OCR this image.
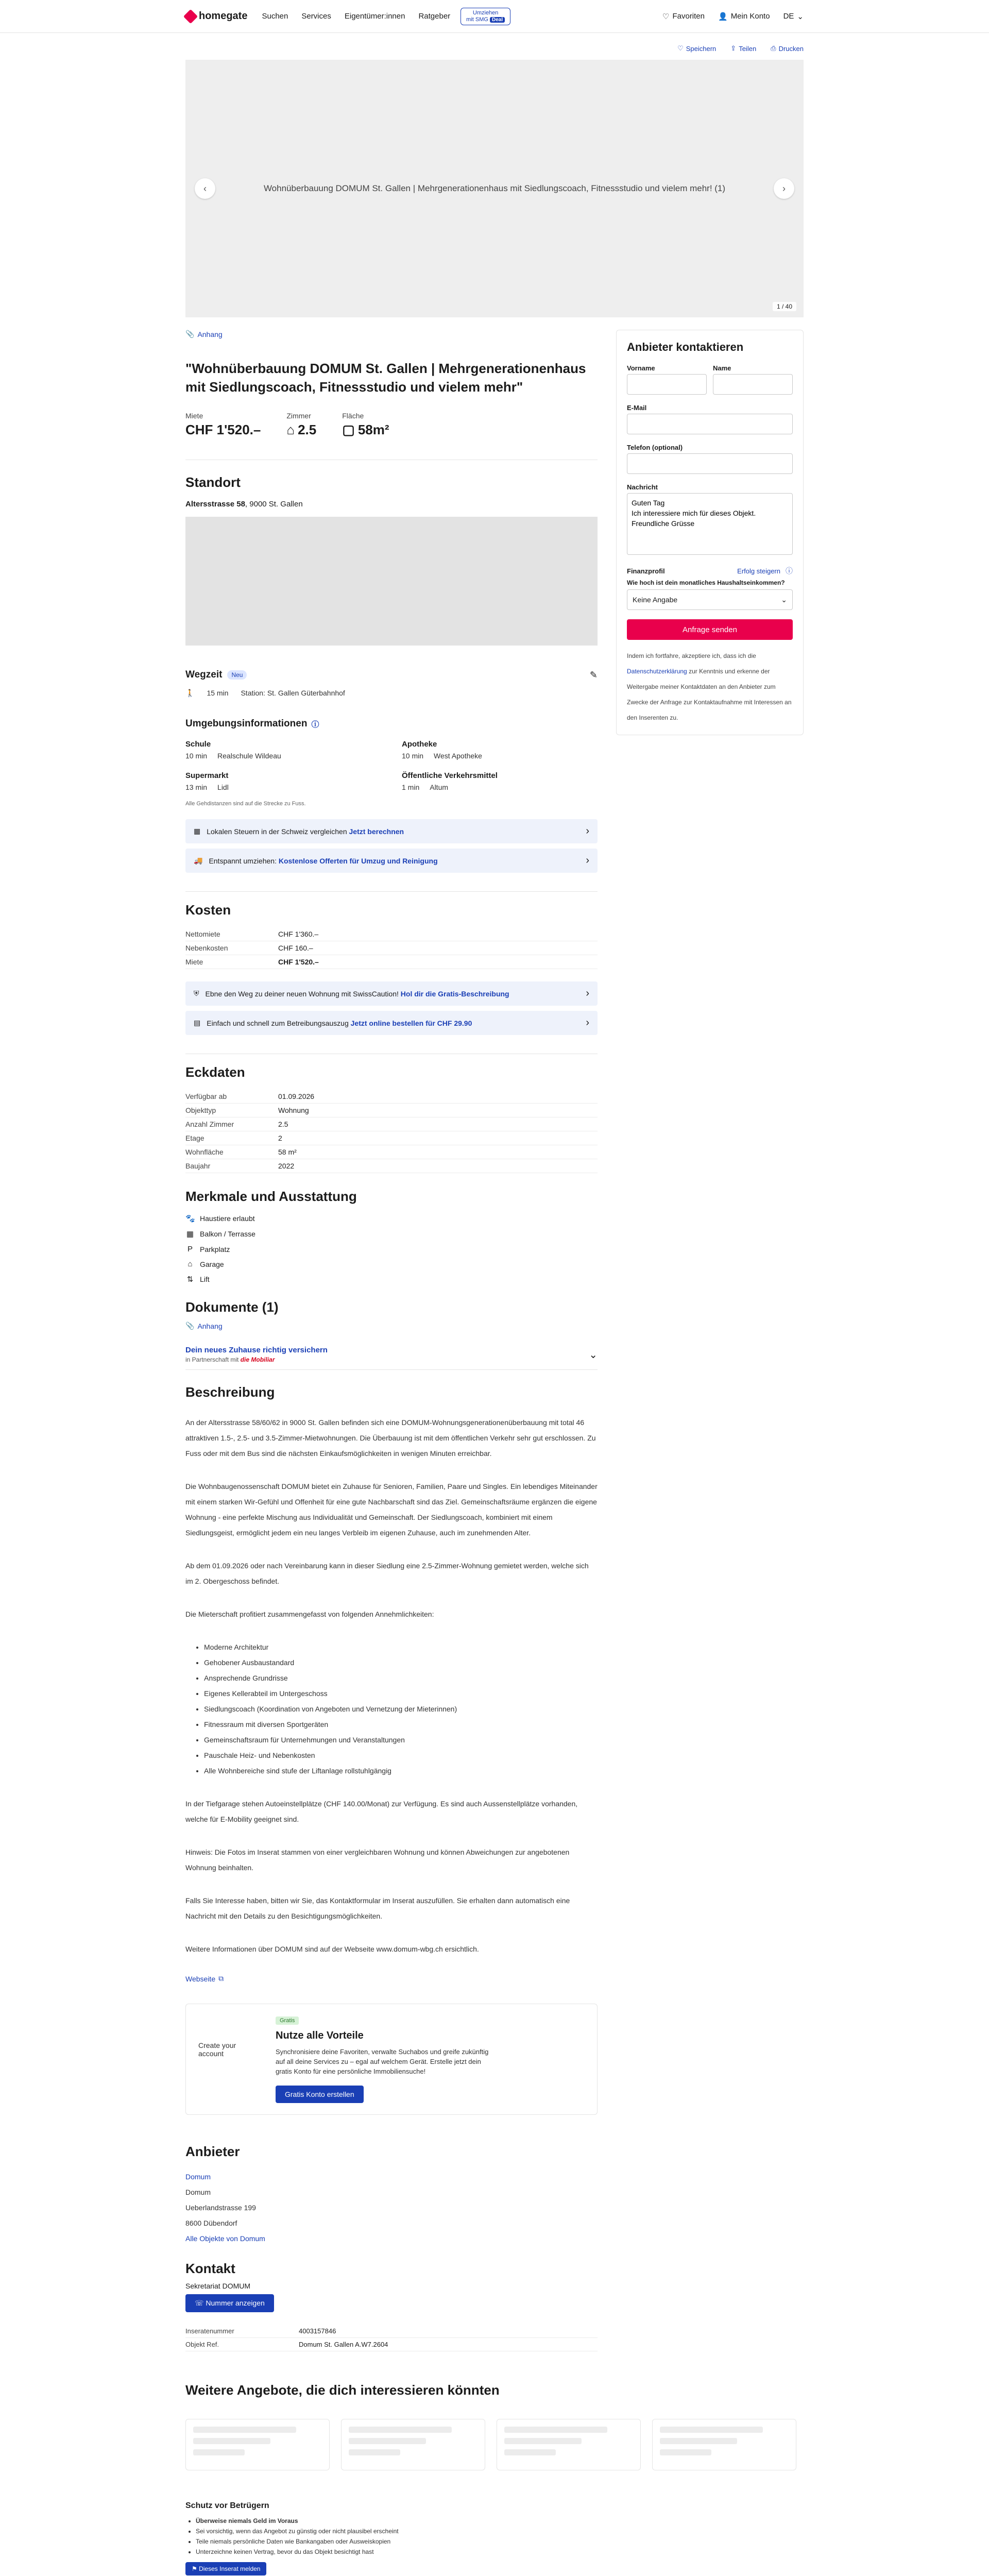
homegate Suchen Services Eigentümer:innen Ratgeber	Umziehen
mit SMG Deal	♡ Favoriten 👤 Mein Konto DE ⌄
♡ Speichern ⇪ Teilen ⎙ Drucken
‹	Wohnüberbauung DOMUM St. Gallen | Mehrgenerationenhaus mit Siedlungscoach, Fitnessstudio und vielem mehr! (1)	›
1 / 40
📎 Anhang
"Wohnüberbauung DOMUM St. Gallen | Mehrgenerationenhaus mit Siedlungscoach, Fitnessstudio und vielem mehr"
Miete
CHF 1'520.–
Zimmer
⌂ 2.5
Fläche
▢ 58m²
Standort
Altersstrasse 58, 9000 St. Gallen
Wegzeit	Neu	✎
🚶 15 min Station: St. Gallen Güterbahnhof
Umgebungsinformationen ⓘ
Schule
10 min Realschule Wildeau
Apotheke
10 min West Apotheke
Supermarkt
13 min Lidl
Öffentliche Verkehrsmittel
1 min Altum
Alle Gehdistanzen sind auf die Strecke zu Fuss.
▦ Lokalen Steuern in der Schweiz vergleichen Jetzt berechnen	›
🚚 Entspannt umziehen: Kostenlose Offerten für Umzug und Reinigung	›
Kosten
Nettomiete	CHF 1'360.–
Nebenkosten	CHF 160.–
Miete	CHF 1'520.–
⛨ Ebne den Weg zu deiner neuen Wohnung mit SwissCaution! Hol dir die Gratis-Beschreibung	›
▤ Einfach und schnell zum Betreibungsauszug Jetzt online bestellen für CHF 29.90	›
Eckdaten
Verfügbar ab	01.09.2026
Objekttyp	Wohnung
Anzahl Zimmer	2.5
Etage	2
Wohnfläche	58 m²
Baujahr	2022
Merkmale und Ausstattung
🐾 Haustiere erlaubt
▦ Balkon / Terrasse
P Parkplatz
⌂	Garage
⇅ Lift
Dokumente (1)
📎 Anhang
Dein neues Zuhause richtig versichern
in Partnerschaft mit die Mobiliar	⌄
Beschreibung

An der Altersstrasse 58/60/62 in 9000 St. Gallen befinden sich eine DOMUM-Wohnungsgenerationenüberbauung mit total 46 attraktiven 1.5-, 2.5- und 3.5-Zimmer-Mietwohnungen. Die Überbauung ist mit dem öffentlichen Verkehr sehr gut erschlossen. Zu Fuss oder mit dem Bus sind die nächsten Einkaufsmöglichkeiten in wenigen Minuten erreichbar.

Die Wohnbaugenossenschaft DOMUM bietet ein Zuhause für Senioren, Familien, Paare und Singles. Ein lebendiges Miteinander mit einem starken Wir-Gefühl und Offenheit für eine gute Nachbarschaft sind das Ziel. Gemeinschaftsräume ergänzen die eigene Wohnung - eine perfekte Mischung aus Individualität und Gemeinschaft. Der Siedlungscoach, kombiniert mit einem Siedlungsgeist, ermöglicht jedem ein neu langes Verbleib im eigenen Zuhause, auch im zunehmenden Alter.

Ab dem 01.09.2026 oder nach Vereinbarung kann in dieser Siedlung eine 2.5-Zimmer-Wohnung gemietet werden, welche sich im 2. Obergeschoss befindet.

Die Mieterschaft profitiert zusammengefasst von folgenden Annehmlichkeiten:

• Moderne Architektur
• Gehobener Ausbaustandard
• Ansprechende Grundrisse
• Eigenes Kellerabteil im Untergeschoss
• Siedlungscoach (Koordination von Angeboten und Vernetzung der Mieterinnen)
• Fitnessraum mit diversen Sportgeräten
• Gemeinschaftsraum für Unternehmungen und Veranstaltungen
• Pauschale Heiz- und Nebenkosten
• Alle Wohnbereiche sind stufe der Liftanlage rollstuhlgängig

In der Tiefgarage stehen Autoeinstellplätze (CHF 140.00/Monat) zur Verfügung. Es sind auch Aussenstellplätze vorhanden, welche für E-Mobility geeignet sind.

Hinweis: Die Fotos im Inserat stammen von einer vergleichbaren Wohnung und können Abweichungen zur angebotenen Wohnung beinhalten.

Falls Sie Interesse haben, bitten wir Sie, das Kontaktformular im Inserat auszufüllen. Sie erhalten dann automatisch eine Nachricht mit den Details zu den Besichtigungsmöglichkeiten.

Weitere Informationen über DOMUM sind auf der Webseite www.domum-wbg.ch ersichtlich.

Webseite ⧉
Create your account
Gratis
Nutze alle Vorteile
Synchronisiere deine Favoriten, verwalte Suchabos und greife zukünftig auf all deine Services zu – egal auf welchem Gerät. Erstelle jetzt dein gratis Konto für eine persönliche Immobiliensuche!
Gratis Konto erstellen
Anbieter

Domum

Domum

Ueberlandstrasse 199

8600 Dübendorf

Alle Objekte von Domum

Kontakt
Sekretariat DOMUM
☏ Nummer anzeigen
Inseratenummer	4003157846
Objekt Ref.	Domum St. Gallen A.W7.2604
Anbieter kontaktieren
Vorname	Name
E-Mail
Telefon (optional)
Nachricht
Guten Tag Ich interessiere mich für dieses Objekt. Freundliche Grüsse
Finanzprofil	Erfolg steigern ⓘ
Wie hoch ist dein monatliches Haushaltseinkommen?
Keine Angabe	⌄
Anfrage senden
Indem ich fortfahre, akzeptiere ich, dass ich die Datenschutzerklärung zur Kenntnis und erkenne der Weitergabe meiner Kontaktdaten an den Anbieter zum Zwecke der Anfrage zur Kontaktaufnahme mit Interessen an den Inserenten zu.
Weitere Angebote, die dich interessieren könnten
Schutz vor Betrügern
• Überweise niemals Geld im Voraus
• Sei vorsichtig, wenn das Angebot zu günstig oder nicht plausibel erscheint
• Teile niemals persönliche Daten wie Bankangaben oder Ausweiskopien
• Unterzeichne keinen Vertrag, bevor du das Objekt besichtigt hast
⚑ Dieses Inserat melden
